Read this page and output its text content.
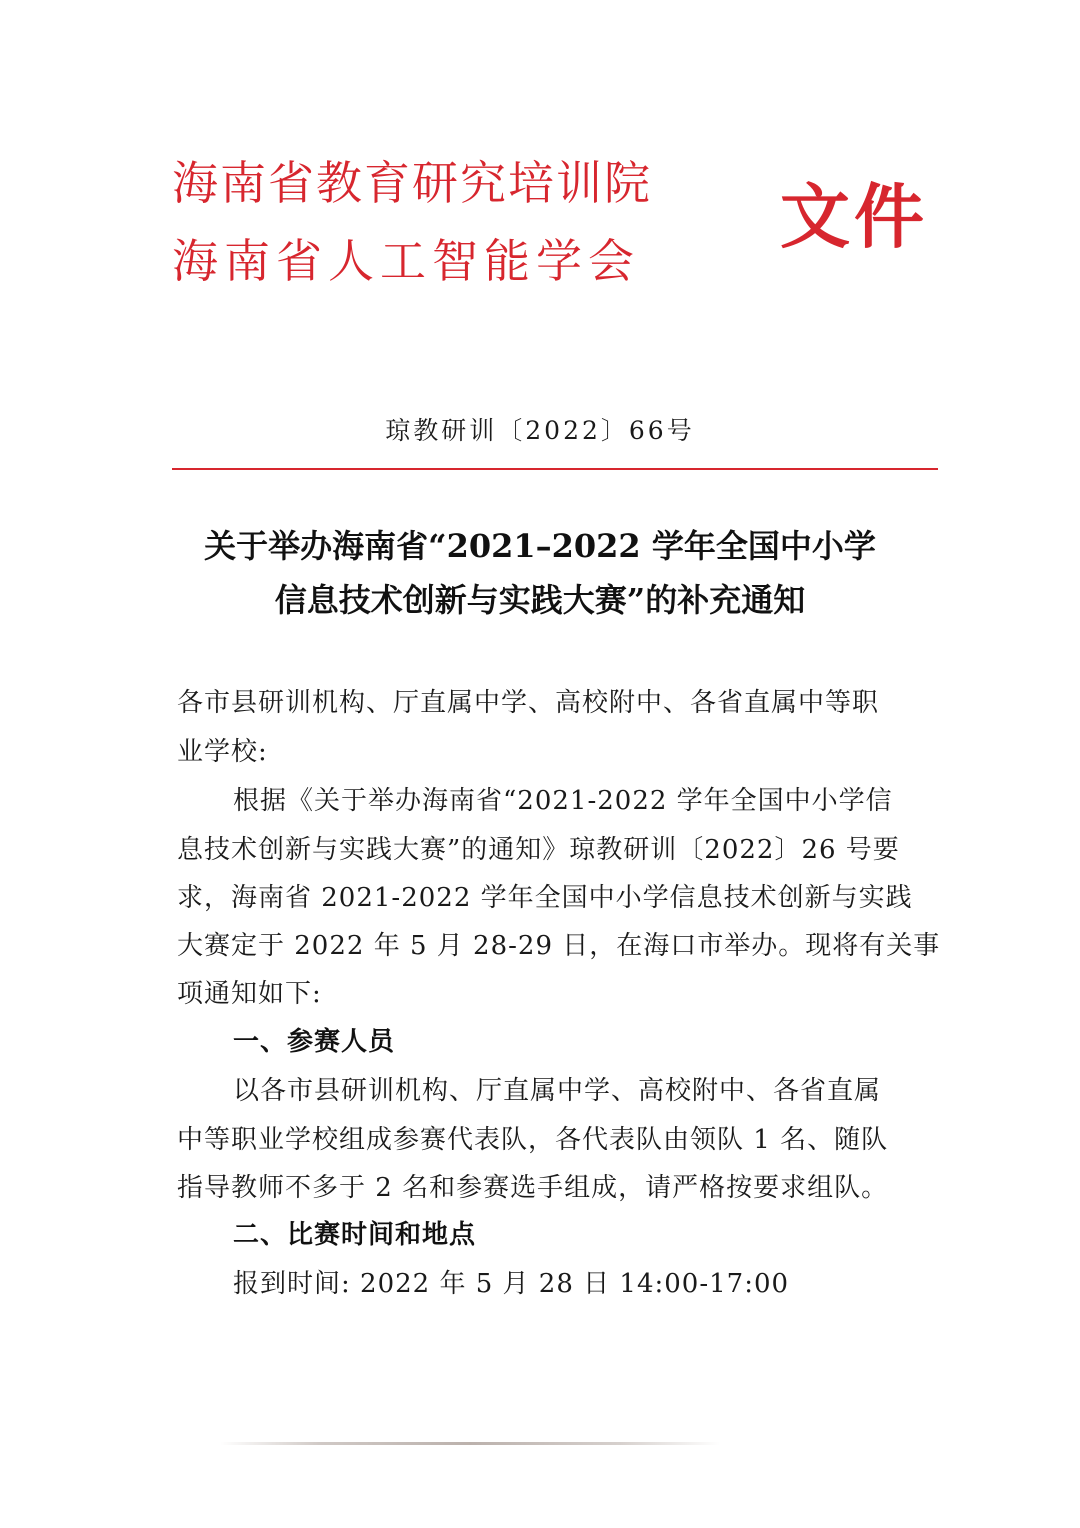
海南省教育研究培训院
海南省人工智能学会
文件
琼教研训〔2022〕66号
关于举办海南省“2021–2022 学年全国中小学
信息技术创新与实践大赛”的补充通知
各市县研训机构、厅直属中学、高校附中、各省直属中等职
业学校:
根据《关于举办海南省“2021-2022 学年全国中小学信
息技术创新与实践大赛”的通知》琼教研训〔2022〕26 号要
求，海南省 2021-2022 学年全国中小学信息技术创新与实践
大赛定于 2022 年 5 月 28-29 日，在海口市举办。现将有关事
项通知如下:
一、参赛人员
以各市县研训机构、厅直属中学、高校附中、各省直属
中等职业学校组成参赛代表队，各代表队由领队 1 名、随队
指导教师不多于 2 名和参赛选手组成，请严格按要求组队。
二、比赛时间和地点
报到时间: 2022 年 5 月 28 日 14:00-17:00
